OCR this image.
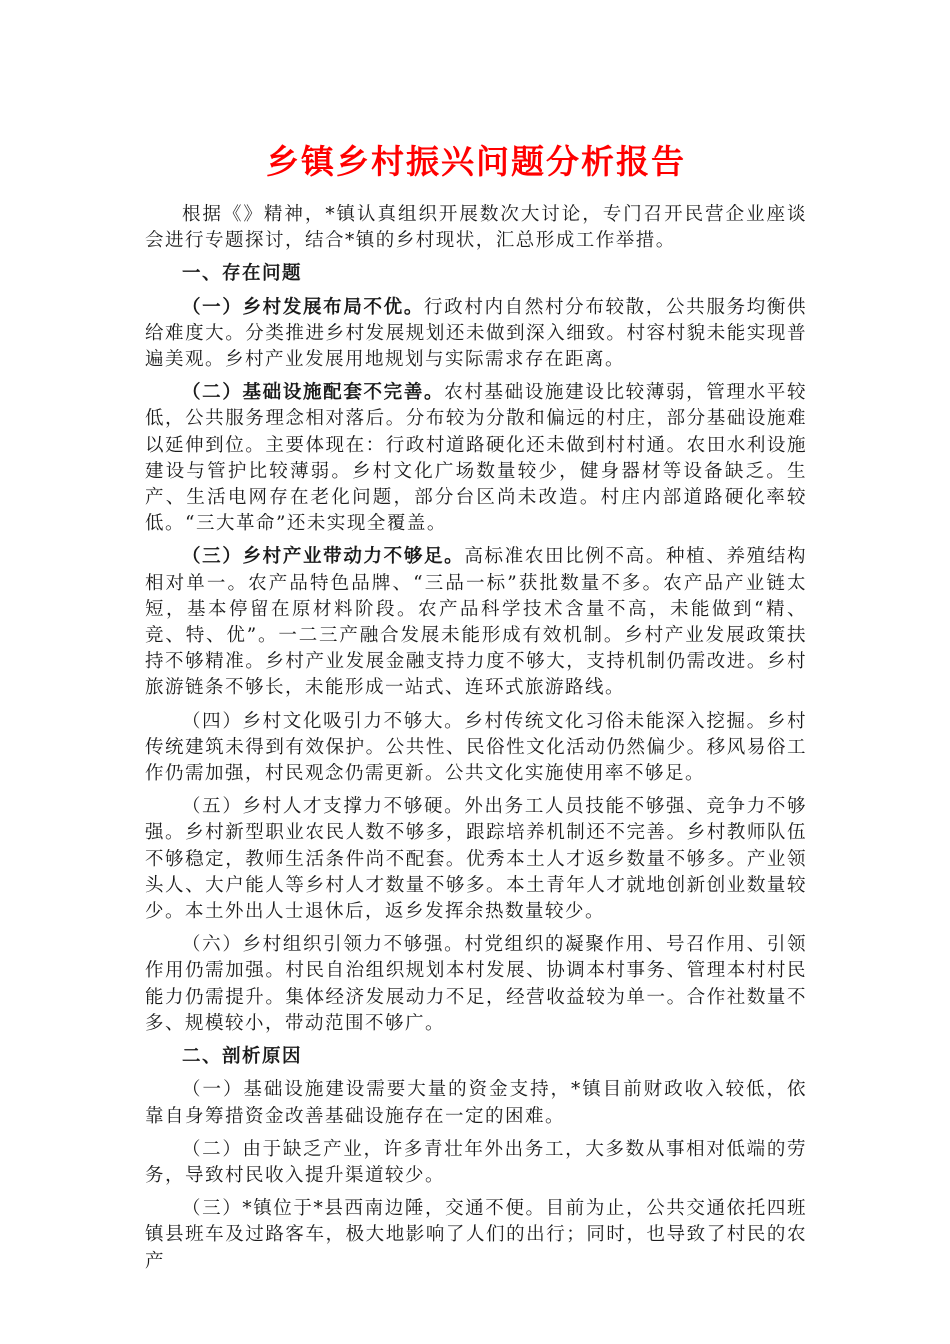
乡镇乡村振兴问题分析报告

根据《》精神，*镇认真组织开展数次大讨论，专门召开民营企业座谈会进行专题探讨，结合*镇的乡村现状，汇总形成工作举措。

一、存在问题

（一）乡村发展布局不优。行政村内自然村分布较散，公共服务均衡供给难度大。分类推进乡村发展规划还未做到深入细致。村容村貌未能实现普遍美观。乡村产业发展用地规划与实际需求存在距离。

（二）基础设施配套不完善。农村基础设施建设比较薄弱，管理水平较低，公共服务理念相对落后。分布较为分散和偏远的村庄，部分基础设施难以延伸到位。主要体现在：行政村道路硬化还未做到村村通。农田水利设施建设与管护比较薄弱。乡村文化广场数量较少，健身器材等设备缺乏。生产、生活电网存在老化问题，部分台区尚未改造。村庄内部道路硬化率较低。“三大革命”还未实现全覆盖。

（三）乡村产业带动力不够足。高标准农田比例不高。种植、养殖结构相对单一。农产品特色品牌、“三品一标”获批数量不多。农产品产业链太短，基本停留在原材料阶段。农产品科学技术含量不高，未能做到“精、竞、特、优”。一二三产融合发展未能形成有效机制。乡村产业发展政策扶持不够精准。乡村产业发展金融支持力度不够大，支持机制仍需改进。乡村旅游链条不够长，未能形成一站式、连环式旅游路线。

（四）乡村文化吸引力不够大。乡村传统文化习俗未能深入挖掘。乡村传统建筑未得到有效保护。公共性、民俗性文化活动仍然偏少。移风易俗工作仍需加强，村民观念仍需更新。公共文化实施使用率不够足。

（五）乡村人才支撑力不够硬。外出务工人员技能不够强、竞争力不够强。乡村新型职业农民人数不够多，跟踪培养机制还不完善。乡村教师队伍不够稳定，教师生活条件尚不配套。优秀本土人才返乡数量不够多。产业领头人、大户能人等乡村人才数量不够多。本土青年人才就地创新创业数量较少。本土外出人士退休后，返乡发挥余热数量较少。

（六）乡村组织引领力不够强。村党组织的凝聚作用、号召作用、引领作用仍需加强。村民自治组织规划本村发展、协调本村事务、管理本村村民能力仍需提升。集体经济发展动力不足，经营收益较为单一。合作社数量不多、规模较小，带动范围不够广。

二、剖析原因

（一）基础设施建设需要大量的资金支持，*镇目前财政收入较低，依靠自身筹措资金改善基础设施存在一定的困难。

（二）由于缺乏产业，许多青壮年外出务工，大多数从事相对低端的劳务，导致村民收入提升渠道较少。

（三）*镇位于*县西南边陲，交通不便。目前为止，公共交通依托四班镇县班车及过路客车，极大地影响了人们的出行；同时，也导致了村民的农产
